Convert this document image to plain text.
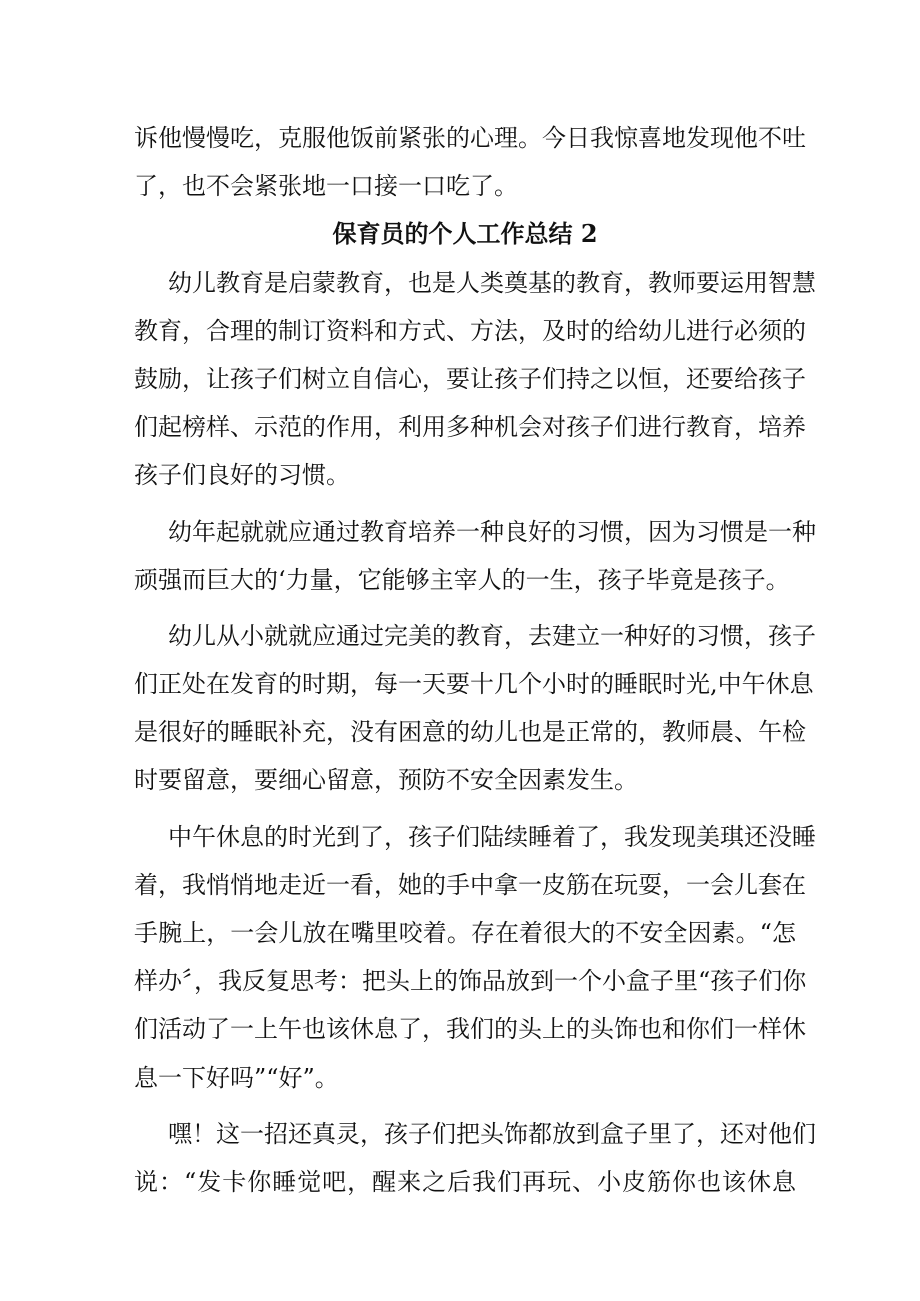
诉他慢慢吃，克服他饭前紧张的心理。今日我惊喜地发现他不吐
了，也不会紧张地一口接一口吃了。
保育员的个人工作总结 2
幼儿教育是启蒙教育，也是人类奠基的教育，教师要运用智慧
教育，合理的制订资料和方式、方法，及时的给幼儿进行必须的
鼓励，让孩子们树立自信心，要让孩子们持之以恒，还要给孩子
们起榜样、示范的作用，利用多种机会对孩子们进行教育，培养
孩子们良好的习惯。
幼年起就就应通过教育培养一种良好的习惯，因为习惯是一种
顽强而巨大的‘力量，它能够主宰人的一生，孩子毕竟是孩子。
幼儿从小就就应通过完美的教育，去建立一种好的习惯，孩子
们正处在发育的时期，每一天要十几个小时的睡眠时光,中午休息
是很好的睡眠补充，没有困意的幼儿也是正常的，教师晨、午检
时要留意，要细心留意，预防不安全因素发生。
中午休息的时光到了，孩子们陆续睡着了，我发现美琪还没睡
着，我悄悄地走近一看，她的手中拿一皮筋在玩耍，一会儿套在
手腕上，一会儿放在嘴里咬着。存在着很大的不安全因素。“怎
样办〞，我反复思考：把头上的饰品放到一个小盒子里“孩子们你
们活动了一上午也该休息了，我们的头上的头饰也和你们一样休
息一下好吗”“好”。
嘿！这一招还真灵，孩子们把头饰都放到盒子里了，还对他们
说：“发卡你睡觉吧，醒来之后我们再玩、小皮筋你也该休息
